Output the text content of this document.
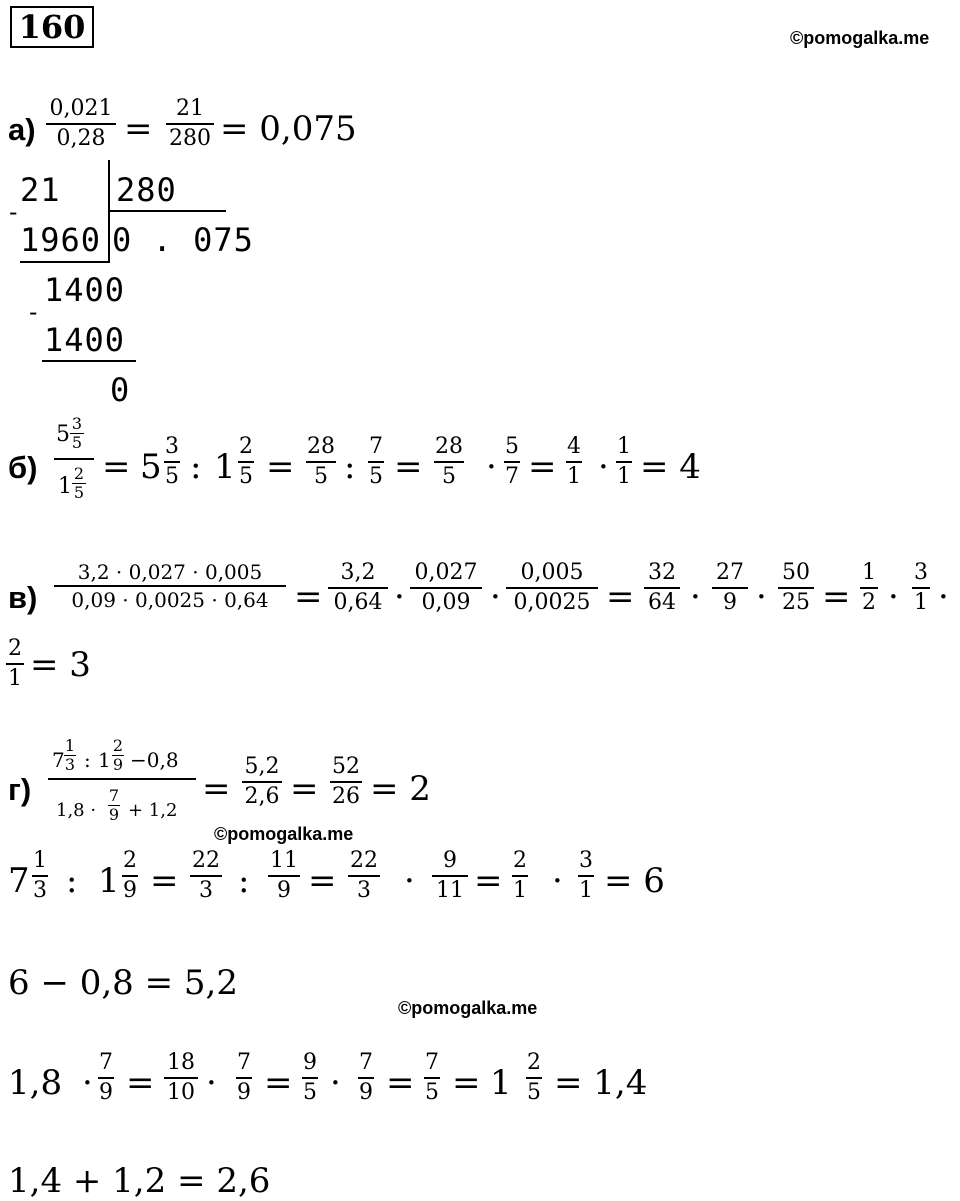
160	©pomogalka.me
а)
0,021
0,28 =
21
280 = 0,075
21 280
-
1960 0 . 075
1400
-
1400
0
б)
5 3
5
1
2
5
= 5
3
5 : 1
2
5 =
28
5 :
7
5 =
28
5 ·
5
7 =
4
1 ·
1
1 = 4
в)
3,2 · 0,027 · 0,005
0,09 · 0,0025 · 0,64 =
3,2
0,64 ·
0,027
0,09 ·
0,005
0,0025 =
32
64 ·
27
9 ·
50
25 =
1
2 ·
3
1 ·
2
1 = 3
г)
7
1
3 : 1
2
9 −0,8
1,8 ·
7
9 + 1,2
=
5,2
2,6 =
52
26 = 2
©pomogalka.me
7
1
3 : 1
2
9 =
22
3 :
11
9 =
22
3 ·
9
11 =
2
1 ·
3
1 = 6
6 − 0,8 = 5,2
©pomogalka.me
1,8 ·
7
9 =
18
10 ·
7
9 =
9
5 ·
7
9 =
7
5 = 1
2
5 = 1,4
1,4 + 1,2 = 2,6
